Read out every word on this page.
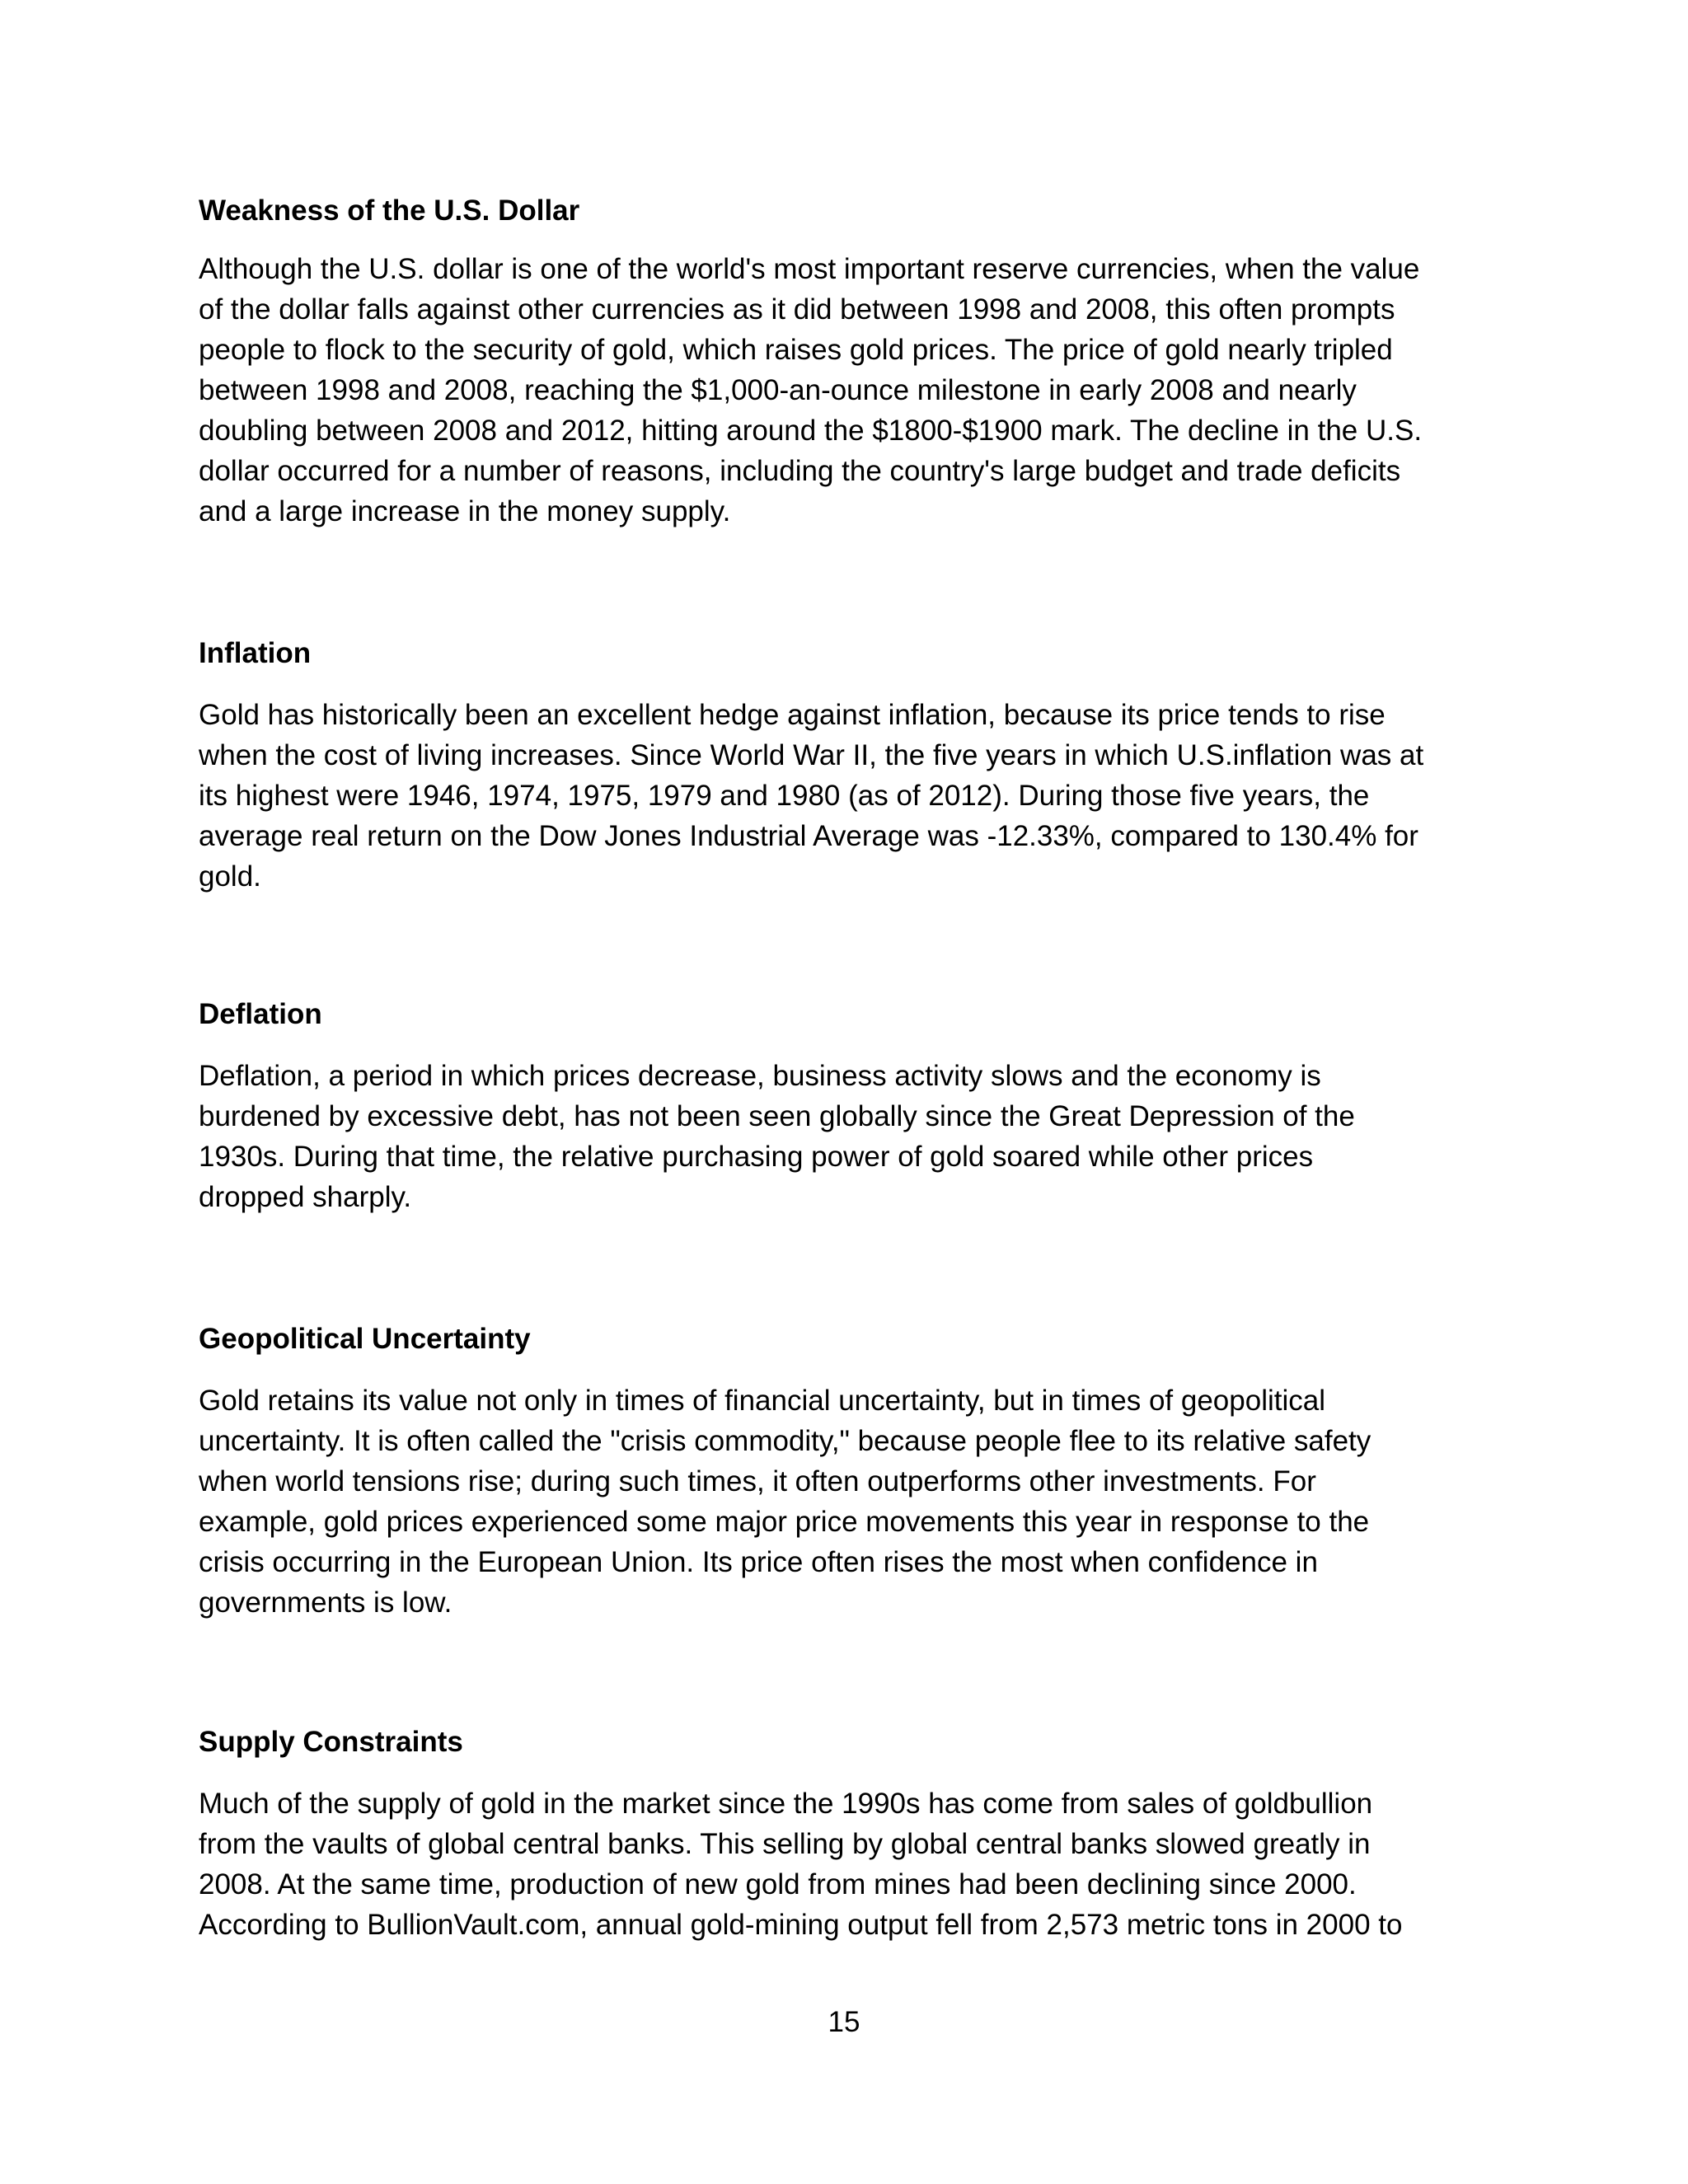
Weakness of the U.S. Dollar
Although the U.S. dollar is one of the world's most important reserve currencies, when the value
of the dollar falls against other currencies as it did between 1998 and 2008, this often prompts
people to flock to the security of gold, which raises gold prices. The price of gold nearly tripled
between 1998 and 2008, reaching the $1,000-an-ounce milestone in early 2008 and nearly
doubling between 2008 and 2012, hitting around the $1800-$1900 mark. The decline in the U.S.
dollar occurred for a number of reasons, including the country's large budget and trade deficits
and a large increase in the money supply.
Inflation
Gold has historically been an excellent hedge against inflation, because its price tends to rise
when the cost of living increases. Since World War II, the five years in which U.S.inflation was at
its highest were 1946, 1974, 1975, 1979 and 1980 (as of 2012). During those five years, the
average real return on the Dow Jones Industrial Average was -12.33%, compared to 130.4% for
gold.
Deflation
Deflation, a period in which prices decrease, business activity slows and the economy is
burdened by excessive debt, has not been seen globally since the Great Depression of the
1930s. During that time, the relative purchasing power of gold soared while other prices
dropped sharply.
Geopolitical Uncertainty
Gold retains its value not only in times of financial uncertainty, but in times of geopolitical
uncertainty. It is often called the "crisis commodity," because people flee to its relative safety
when world tensions rise; during such times, it often outperforms other investments. For
example, gold prices experienced some major price movements this year in response to the
crisis occurring in the European Union. Its price often rises the most when confidence in
governments is low.
Supply Constraints
Much of the supply of gold in the market since the 1990s has come from sales of goldbullion
from the vaults of global central banks. This selling by global central banks slowed greatly in
2008. At the same time, production of new gold from mines had been declining since 2000.
According to BullionVault.com, annual gold-mining output fell from 2,573 metric tons in 2000 to
15
